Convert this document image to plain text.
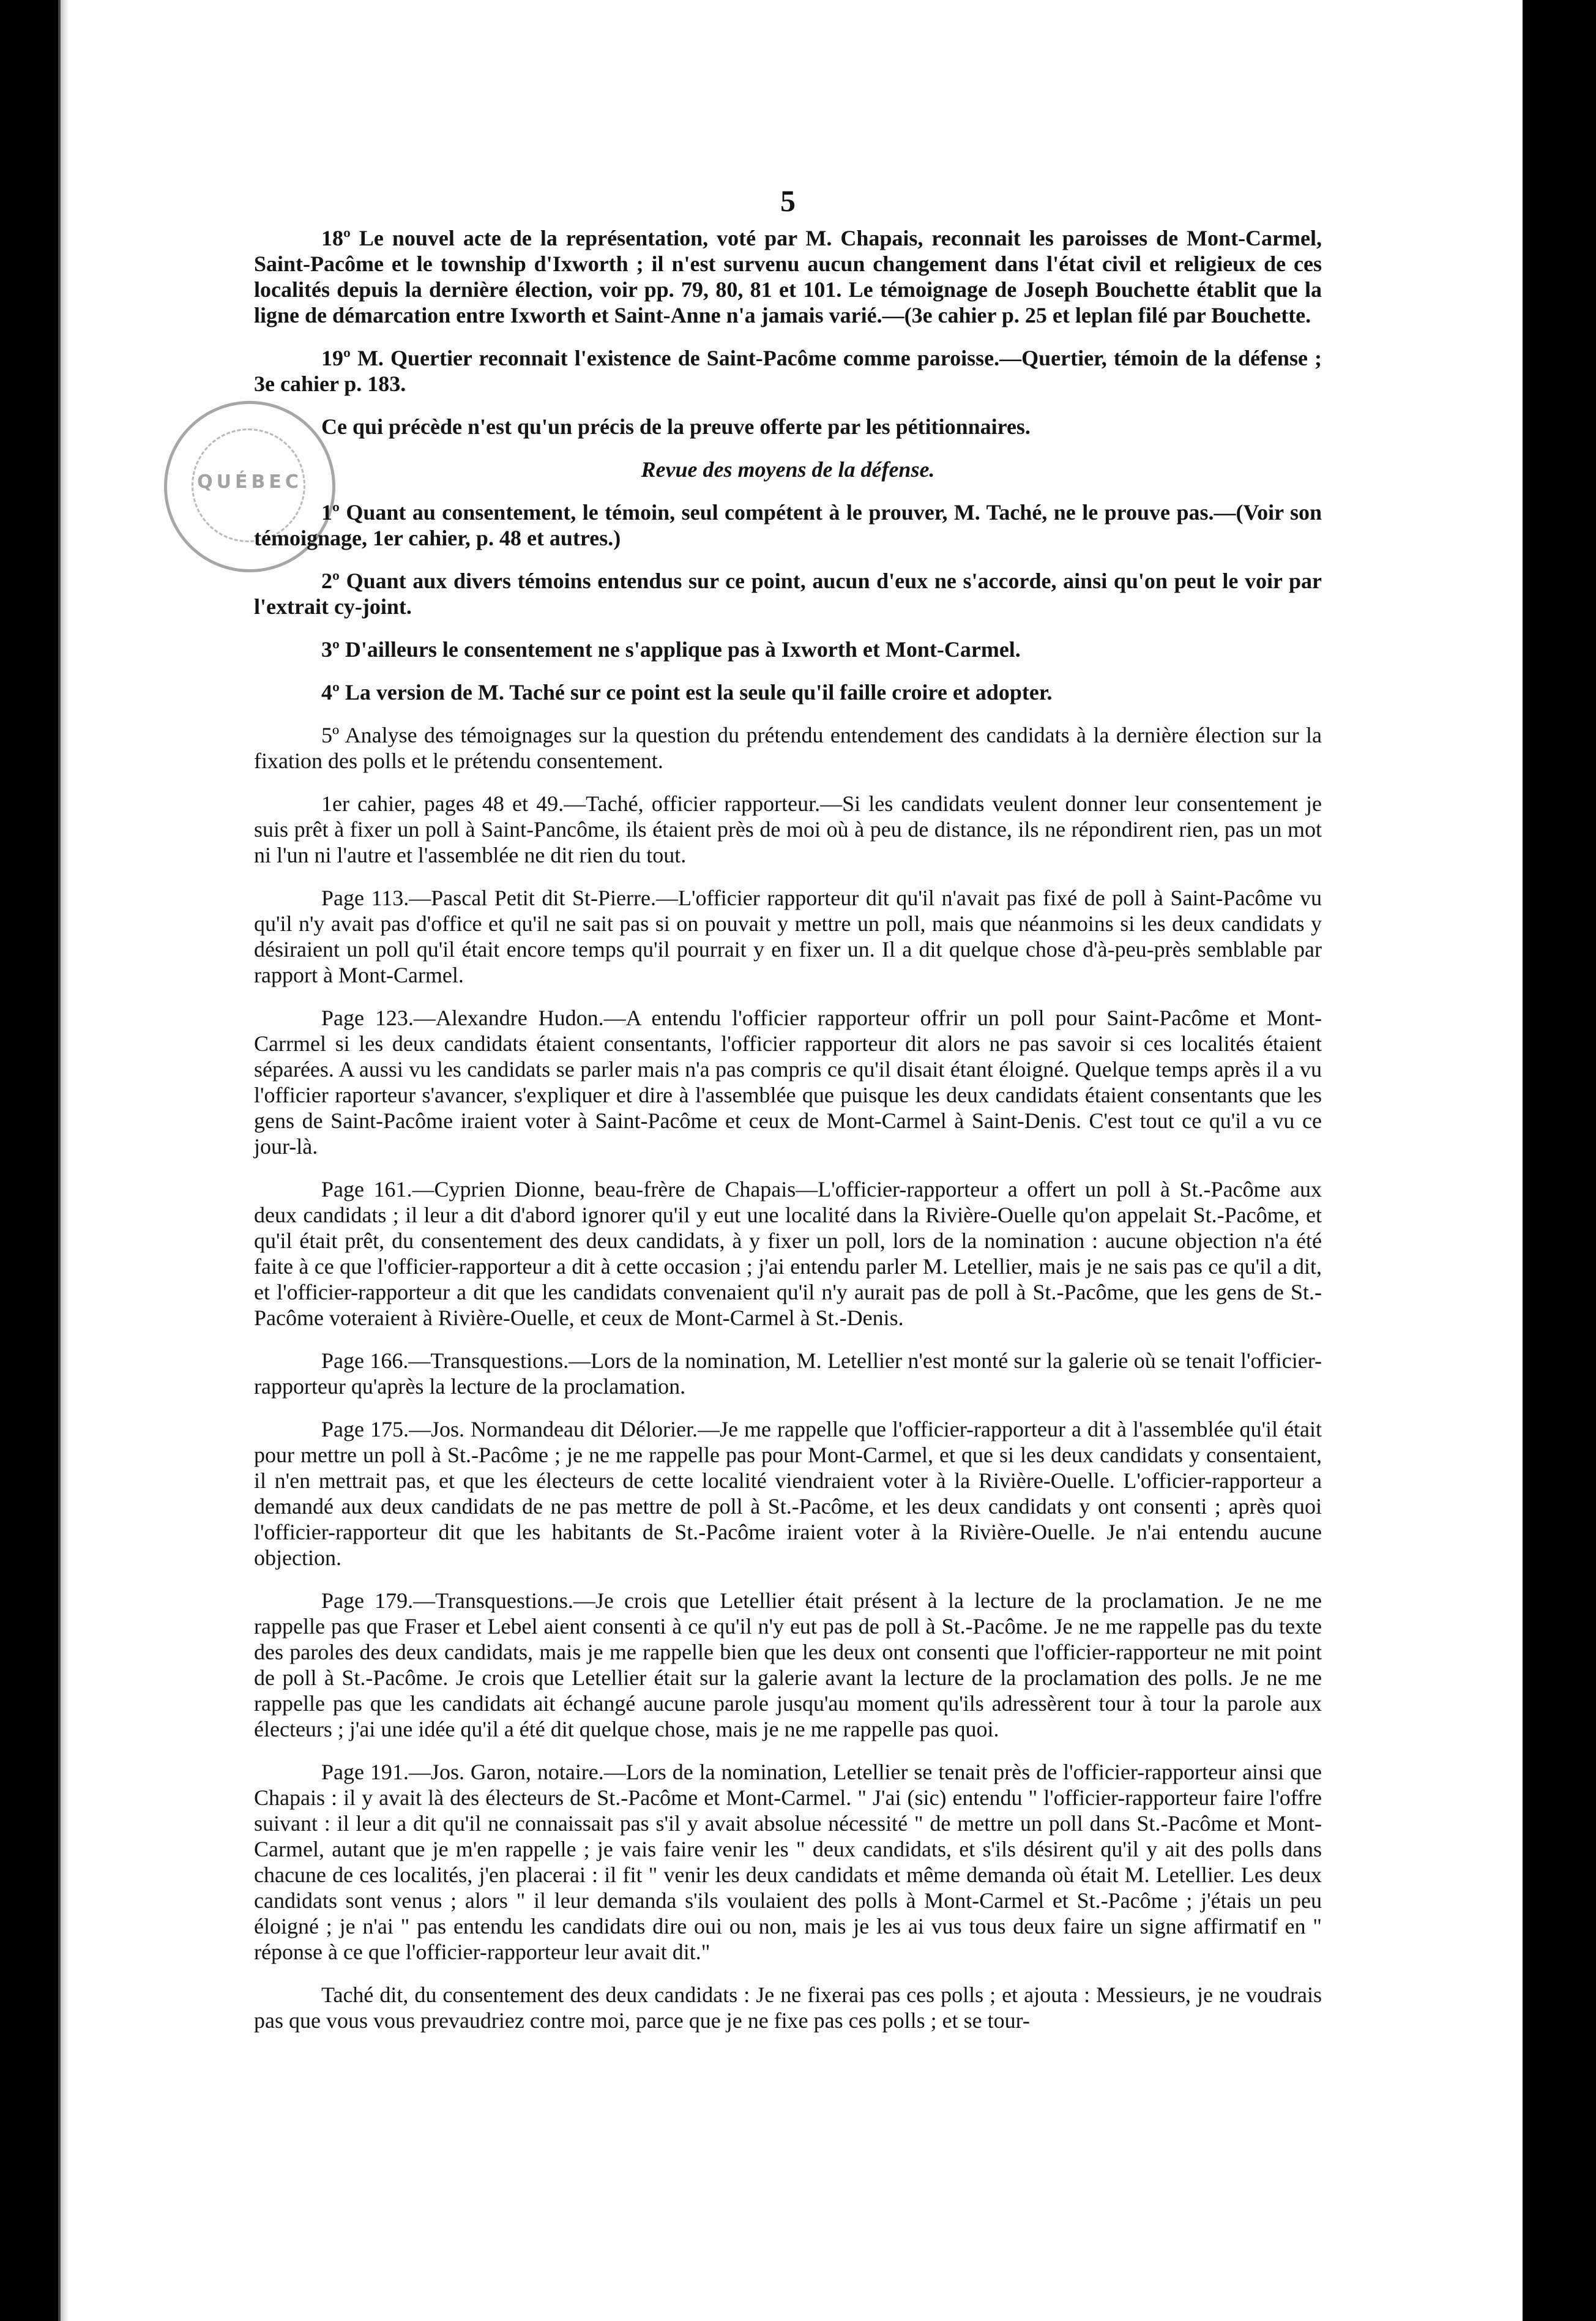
QUÉBEC
5

18º Le nouvel acte de la représentation, voté par M. Chapais, reconnait les paroisses de Mont-Carmel, Saint-Pacôme et le township d'Ixworth ; il n'est survenu aucun changement dans l'état civil et religieux de ces localités depuis la dernière élection, voir pp. 79, 80, 81 et 101. Le témoignage de Joseph Bouchette établit que la ligne de démarcation entre Ixworth et Saint-Anne n'a jamais varié.—(3e cahier p. 25 et leplan filé par Bouchette.

19º M. Quertier reconnait l'existence de Saint-Pacôme comme paroisse.—Quertier, témoin de la défense ; 3e cahier p. 183.

Ce qui précède n'est qu'un précis de la preuve offerte par les pétitionnaires.

Revue des moyens de la défense.

1º Quant au consentement, le témoin, seul compétent à le prouver, M. Taché, ne le prouve pas.—(Voir son témoignage, 1er cahier, p. 48 et autres.)

2º Quant aux divers témoins entendus sur ce point, aucun d'eux ne s'accorde, ainsi qu'on peut le voir par l'extrait cy-joint.

3º D'ailleurs le consentement ne s'applique pas à Ixworth et Mont-Carmel.

4º La version de M. Taché sur ce point est la seule qu'il faille croire et adopter.

5º Analyse des témoignages sur la question du prétendu entendement des candidats à la dernière élection sur la fixation des polls et le prétendu consentement.

1er cahier, pages 48 et 49.—Taché, officier rapporteur.—Si les candidats veulent donner leur consentement je suis prêt à fixer un poll à Saint-Pancôme, ils étaient près de moi où à peu de distance, ils ne répondirent rien, pas un mot ni l'un ni l'autre et l'assemblée ne dit rien du tout.

Page 113.—Pascal Petit dit St-Pierre.—L'officier rapporteur dit qu'il n'avait pas fixé de poll à Saint-Pacôme vu qu'il n'y avait pas d'office et qu'il ne sait pas si on pouvait y mettre un poll, mais que néanmoins si les deux candidats y désiraient un poll qu'il était encore temps qu'il pourrait y en fixer un. Il a dit quelque chose d'à-peu-près semblable par rapport à Mont-Carmel.

Page 123.—Alexandre Hudon.—A entendu l'officier rapporteur offrir un poll pour Saint-Pacôme et Mont-Carrmel si les deux candidats étaient consentants, l'officier rapporteur dit alors ne pas savoir si ces localités étaient séparées. A aussi vu les candidats se parler mais n'a pas compris ce qu'il disait étant éloigné. Quelque temps après il a vu l'officier raporteur s'avancer, s'expliquer et dire à l'assemblée que puisque les deux candidats étaient consentants que les gens de Saint-Pacôme iraient voter à Saint-Pacôme et ceux de Mont-Carmel à Saint-Denis. C'est tout ce qu'il a vu ce jour-là.

Page 161.—Cyprien Dionne, beau-frère de Chapais—L'officier-rapporteur a offert un poll à St.-Pacôme aux deux candidats ; il leur a dit d'abord ignorer qu'il y eut une localité dans la Rivière-Ouelle qu'on appelait St.-Pacôme, et qu'il était prêt, du consentement des deux candidats, à y fixer un poll, lors de la nomination : aucune objection n'a été faite à ce que l'officier-rapporteur a dit à cette occasion ; j'ai entendu parler M. Letellier, mais je ne sais pas ce qu'il a dit, et l'officier-rapporteur a dit que les candidats convenaient qu'il n'y aurait pas de poll à St.-Pacôme, que les gens de St.-Pacôme voteraient à Rivière-Ouelle, et ceux de Mont-Carmel à St.-Denis.

Page 166.—Transquestions.—Lors de la nomination, M. Letellier n'est monté sur la galerie où se tenait l'officier-rapporteur qu'après la lecture de la proclamation.

Page 175.—Jos. Normandeau dit Délorier.—Je me rappelle que l'officier-rapporteur a dit à l'assemblée qu'il était pour mettre un poll à St.-Pacôme ; je ne me rappelle pas pour Mont-Carmel, et que si les deux candidats y consentaient, il n'en mettrait pas, et que les électeurs de cette localité viendraient voter à la Rivière-Ouelle. L'officier-rapporteur a demandé aux deux candidats de ne pas mettre de poll à St.-Pacôme, et les deux candidats y ont consenti ; après quoi l'officier-rapporteur dit que les habitants de St.-Pacôme iraient voter à la Rivière-Ouelle. Je n'ai entendu aucune objection.

Page 179.—Transquestions.—Je crois que Letellier était présent à la lecture de la proclamation. Je ne me rappelle pas que Fraser et Lebel aient consenti à ce qu'il n'y eut pas de poll à St.-Pacôme. Je ne me rappelle pas du texte des paroles des deux candidats, mais je me rappelle bien que les deux ont consenti que l'officier-rapporteur ne mit point de poll à St.-Pacôme. Je crois que Letellier était sur la galerie avant la lecture de la proclamation des polls. Je ne me rappelle pas que les candidats ait échangé aucune parole jusqu'au moment qu'ils adressèrent tour à tour la parole aux électeurs ; j'ai une idée qu'il a été dit quelque chose, mais je ne me rappelle pas quoi.

Page 191.—Jos. Garon, notaire.—Lors de la nomination, Letellier se tenait près de l'officier-rapporteur ainsi que Chapais : il y avait là des électeurs de St.-Pacôme et Mont-Carmel. " J'ai (sic) entendu " l'officier-rapporteur faire l'offre suivant : il leur a dit qu'il ne connaissait pas s'il y avait absolue nécessité " de mettre un poll dans St.-Pacôme et Mont-Carmel, autant que je m'en rappelle ; je vais faire venir les " deux candidats, et s'ils désirent qu'il y ait des polls dans chacune de ces localités, j'en placerai : il fit " venir les deux candidats et même demanda où était M. Letellier. Les deux candidats sont venus ; alors " il leur demanda s'ils voulaient des polls à Mont-Carmel et St.-Pacôme ; j'étais un peu éloigné ; je n'ai " pas entendu les candidats dire oui ou non, mais je les ai vus tous deux faire un signe affirmatif en " réponse à ce que l'officier-rapporteur leur avait dit."

Taché dit, du consentement des deux candidats : Je ne fixerai pas ces polls ; et ajouta : Messieurs, je ne voudrais pas que vous vous prevaudriez contre moi, parce que je ne fixe pas ces polls ; et se tour-
